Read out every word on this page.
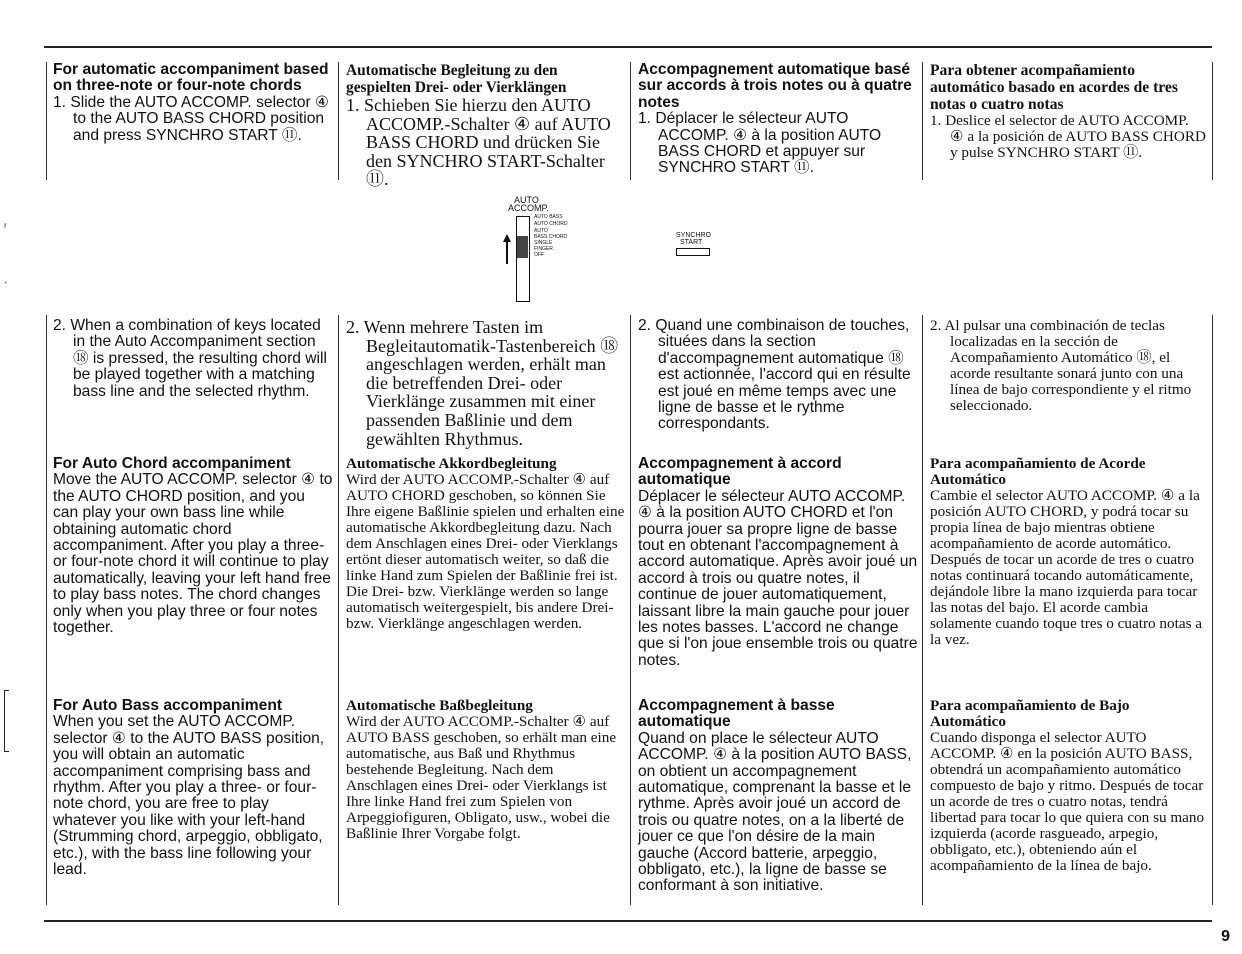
ʳ
ˎ
For automatic accompaniment based on three-note or four-note chords
1. Slide the AUTO ACCOMP. selector ④ to the AUTO BASS CHORD position and press SYNCHRO START ⑪.
2. When a combination of keys located in the Auto Accompaniment section ⑱ is pressed, the resulting chord will be played together with a matching bass line and the selected rhythm.
For Auto Chord accompaniment
Move the AUTO ACCOMP. selector ④ to the AUTO CHORD position, and you can play your own bass line while obtaining automatic chord accompaniment. After you play a three- or four-note chord it will continue to play automatically, leaving your left hand free to play bass notes. The chord changes only when you play three or four notes together.
For Auto Bass accompaniment
When you set the AUTO ACCOMP. selector ④ to the AUTO BASS position, you will obtain an automatic accompaniment comprising bass and rhythm. After you play a three- or four-note chord, you are free to play whatever you like with your left-hand (Strumming chord, arpeggio, obbligato, etc.), with the bass line following your lead.
Automatische Begleitung zu den gespielten Drei- oder Vierklängen
1. Schieben Sie hierzu den AUTO ACCOMP.-Schalter ④ auf AUTO BASS CHORD und drücken Sie den SYNCHRO START-Schalter ⑪.
2. Wenn mehrere Tasten im Begleitautomatik-Tastenbereich ⑱ angeschlagen werden, erhält man die betreffenden Drei- oder Vierklänge zusammen mit einer passenden Baßlinie und dem gewählten Rhythmus.
Automatische Akkordbegleitung
Wird der AUTO ACCOMP.-Schalter ④ auf AUTO CHORD geschoben, so können Sie Ihre eigene Baßlinie spielen und erhalten eine automatische Akkordbegleitung dazu. Nach dem Anschlagen eines Drei- oder Vierklangs ertönt dieser automatisch weiter, so daß die linke Hand zum Spielen der Baßlinie frei ist. Die Drei- bzw. Vierklänge werden so lange automatisch weitergespielt, bis andere Drei- bzw. Vierklänge angeschlagen werden.
Automatische Baßbegleitung
Wird der AUTO ACCOMP.-Schalter ④ auf AUTO BASS geschoben, so erhält man eine automatische, aus Baß und Rhythmus bestehende Begleitung. Nach dem Anschlagen eines Drei- oder Vierklangs ist Ihre linke Hand frei zum Spielen von Arpeggiofiguren, Obligato, usw., wobei die Baßlinie Ihrer Vorgabe folgt.
Accompagnement automatique basé sur accords à trois notes ou à quatre notes
1. Déplacer le sélecteur AUTO ACCOMP. ④ à la position AUTO BASS CHORD et appuyer sur SYNCHRO START ⑪.
2. Quand une combinaison de touches, situées dans la section d'accompagnement automatique ⑱ est actionnée, l'accord qui en résulte est joué en même temps avec une ligne de basse et le rythme correspondants.
Accompagnement à accord automatique
Déplacer le sélecteur AUTO ACCOMP. ④ à la position AUTO CHORD et l'on pourra jouer sa propre ligne de basse tout en obtenant l'accompagnement à accord automatique. Après avoir joué un accord à trois ou quatre notes, il continue de jouer automatiquement, laissant libre la main gauche pour jouer les notes basses. L'accord ne change que si l'on joue ensemble trois ou quatre notes.
Accompagnement à basse automatique
Quand on place le sélecteur AUTO ACCOMP. ④ à la position AUTO BASS, on obtient un accompagnement automatique, comprenant la basse et le rythme. Après avoir joué un accord de trois ou quatre notes, on a la liberté de jouer ce que l'on désire de la main gauche (Accord batterie, arpeggio, obbligato, etc.), la ligne de basse se conformant à son initiative.
Para obtener acompañamiento automático basado en acordes de tres notas o cuatro notas
1. Deslice el selector de AUTO ACCOMP. ④ a la posición de AUTO BASS CHORD y pulse SYNCHRO START ⑪.
2. Al pulsar una combinación de teclas localizadas en la sección de Acompañamiento Automático ⑱, el acorde resultante sonará junto con una línea de bajo correspondiente y el ritmo seleccionado.
Para acompañamiento de Acorde Automático
Cambie el selector AUTO ACCOMP. ④ a la posición AUTO CHORD, y podrá tocar su propia línea de bajo mientras obtiene acompañamiento de acorde automático. Después de tocar un acorde de tres o cuatro notas continuará tocando automáticamente, dejándole libre la mano izquierda para tocar las notas del bajo. El acorde cambia solamente cuando toque tres o cuatro notas a la vez.
Para acompañamiento de Bajo Automático
Cuando disponga el selector AUTO ACCOMP. ④ en la posición AUTO BASS, obtendrá un acompañamiento automático compuesto de bajo y ritmo. Después de tocar un acorde de tres o cuatro notas, tendrá libertad para tocar lo que quiera con su mano izquierda (acorde rasgueado, arpegio, obbligato, etc.), obteniendo aún el acompañamiento de la línea de bajo.
AUTO
ACCOMP.
AUTO BASS
AUTO CHORD
AUTO
BASS CHORD
SINGLE
FINGER
OFF
SYNCHRO
START
9
